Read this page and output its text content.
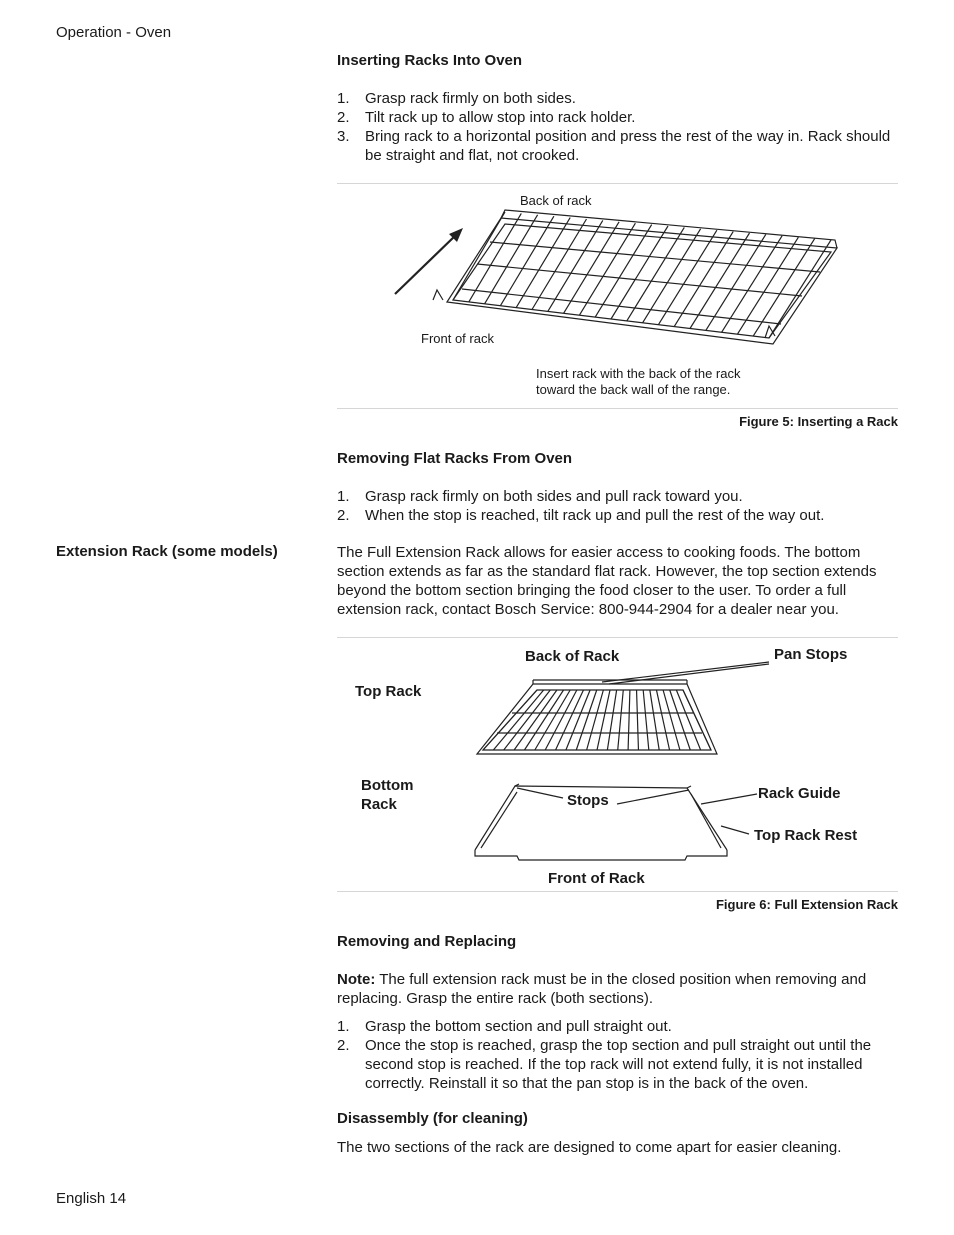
Operation - Oven
Inserting Racks Into Oven
1. Grasp rack firmly on both sides.
2. Tilt rack up to allow stop into rack holder.
3. Bring rack to a horizontal position and press the rest of the way in. Rack should be straight and flat, not crooked.
Back of rack
Front of rack
Insert rack with the back of the rack
toward the back wall of the range.
Figure 5: Inserting a Rack
Removing Flat Racks From Oven
1. Grasp rack firmly on both sides and pull rack toward you.
2. When the stop is reached, tilt rack up and pull the rest of the way out.
Extension Rack (some models)	The Full Extension Rack allows for easier access to cooking foods. The bottom section extends as far as the standard flat rack. However, the top section extends beyond the bottom section bringing the food closer to the user. To order a full extension rack, contact Bosch Service: 800-944-2904 for a dealer near you.

Back of Rack	Pan Stops
Top Rack
Bottom
Rack	Stops	Rack Guide
Top Rack Rest
Front of Rack
Figure 6: Full Extension Rack
Removing and Replacing

Note: The full extension rack must be in the closed position when removing and replacing. Grasp the entire rack (both sections).

1. Grasp the bottom section and pull straight out.
2. Once the stop is reached, grasp the top section and pull straight out until the second stop is reached. If the top rack will not extend fully, it is not installed correctly. Reinstall it so that the pan stop is in the back of the oven.
Disassembly (for cleaning)

The two sections of the rack are designed to come apart for easier cleaning.

English 14
